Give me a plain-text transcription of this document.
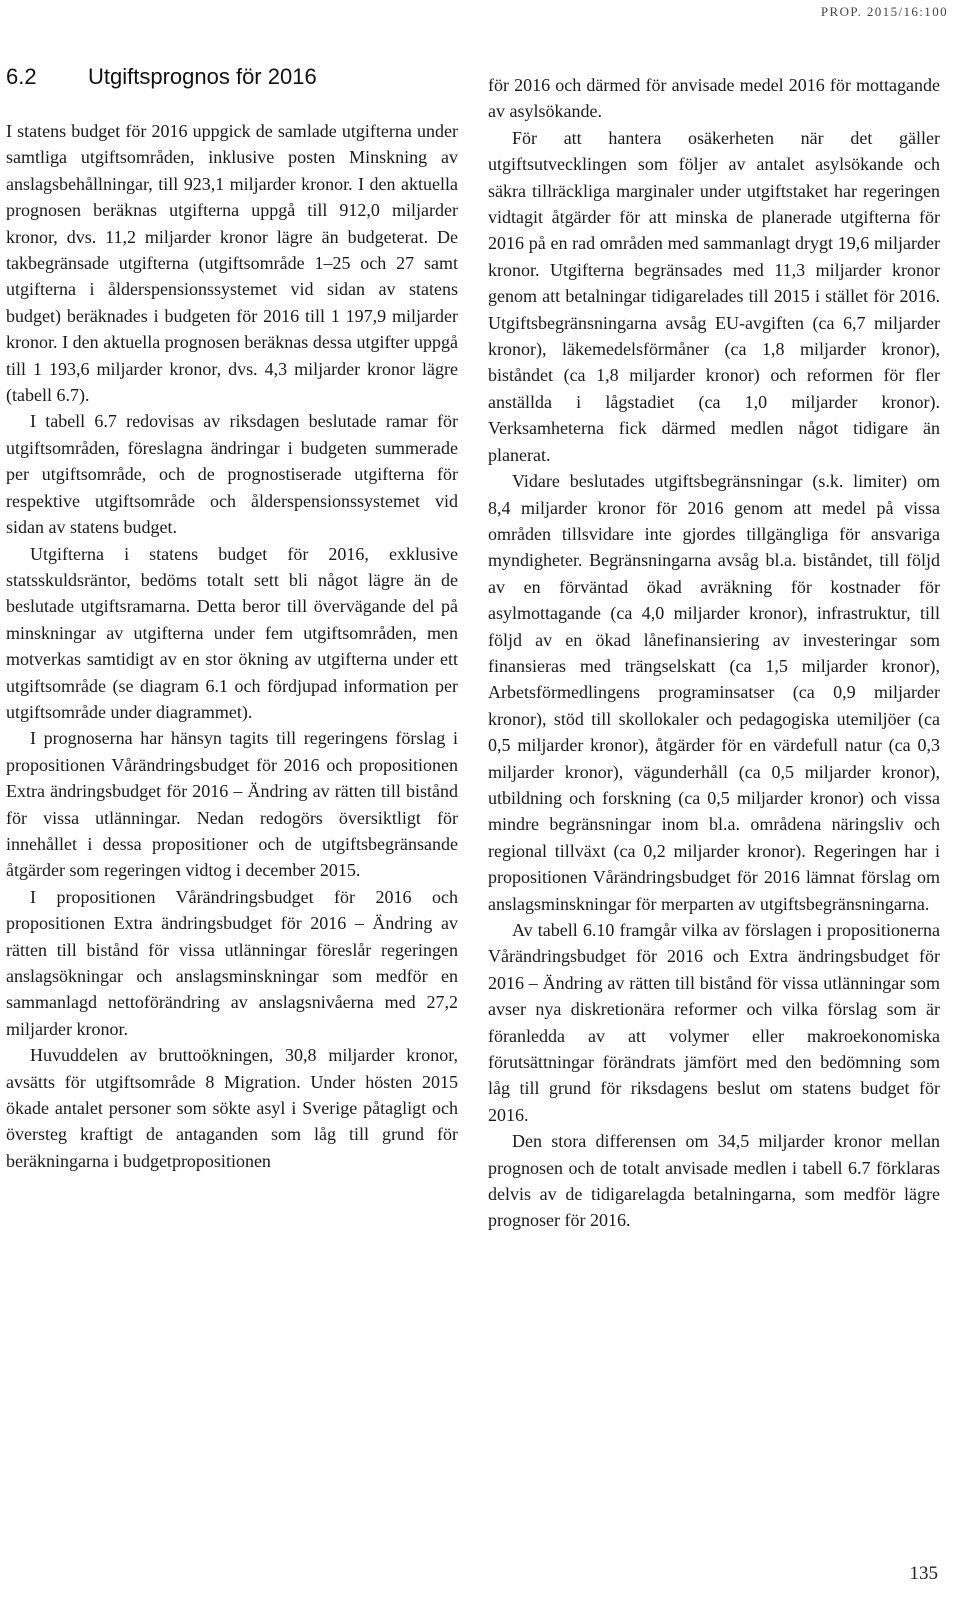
PROP. 2015/16:100
6.2	Utgiftsprognos för 2016

I statens budget för 2016 uppgick de samlade utgifterna under samtliga utgiftsområden, inklusive posten Minskning av anslagsbehållningar, till 923,1 miljarder kronor. I den aktuella prognosen beräknas utgifterna uppgå till 912,0 miljarder kronor, dvs. 11,2 miljarder kronor lägre än budgeterat. De takbegränsade utgifterna (utgiftsområde 1–25 och 27 samt utgifterna i ålderspensionssystemet vid sidan av statens budget) beräknades i budgeten för 2016 till 1 197,9 miljarder kronor. I den aktuella prognosen beräknas dessa utgifter uppgå till 1 193,6 miljarder kronor, dvs. 4,3 miljarder kronor lägre (tabell 6.7).

I tabell 6.7 redovisas av riksdagen beslutade ramar för utgiftsområden, föreslagna ändringar i budgeten summerade per utgiftsområde, och de prognostiserade utgifterna för respektive utgiftsområde och ålderspensionssystemet vid sidan av statens budget.

Utgifterna i statens budget för 2016, exklusive statsskuldsräntor, bedöms totalt sett bli något lägre än de beslutade utgiftsramarna. Detta beror till övervägande del på minskningar av utgifterna under fem utgiftsområden, men motverkas samtidigt av en stor ökning av utgifterna under ett utgiftsområde (se diagram 6.1 och fördjupad information per utgiftsområde under diagrammet).

I prognoserna har hänsyn tagits till regeringens förslag i propositionen Vårändringsbudget för 2016 och propositionen Extra ändringsbudget för 2016 – Ändring av rätten till bistånd för vissa utlänningar. Nedan redogörs översiktligt för innehållet i dessa propositioner och de utgiftsbegränsande åtgärder som regeringen vidtog i december 2015.

I propositionen Vårändringsbudget för 2016 och propositionen Extra ändringsbudget för 2016 – Ändring av rätten till bistånd för vissa utlänningar föreslår regeringen anslagsökningar och anslagsminskningar som medför en sammanlagd nettoförändring av anslagsnivåerna med 27,2 miljarder kronor.

Huvuddelen av bruttoökningen, 30,8 miljarder kronor, avsätts för utgiftsområde 8 Migration. Under hösten 2015 ökade antalet personer som sökte asyl i Sverige påtagligt och översteg kraftigt de antaganden som låg till grund för beräkningarna i budgetpropositionen

för 2016 och därmed för anvisade medel 2016 för mottagande av asylsökande.

För att hantera osäkerheten när det gäller utgiftsutvecklingen som följer av antalet asylsökande och säkra tillräckliga marginaler under utgiftstaket har regeringen vidtagit åtgärder för att minska de planerade utgifterna för 2016 på en rad områden med sammanlagt drygt 19,6 miljarder kronor. Utgifterna begränsades med 11,3 miljarder kronor genom att betalningar tidigarelades till 2015 i stället för 2016. Utgiftsbegränsningarna avsåg EU-avgiften (ca 6,7 miljarder kronor), läkemedelsförmåner (ca 1,8 miljarder kronor), biståndet (ca 1,8 miljarder kronor) och reformen för fler anställda i lågstadiet (ca 1,0 miljarder kronor). Verksamheterna fick därmed medlen något tidigare än planerat.

Vidare beslutades utgiftsbegränsningar (s.k. limiter) om 8,4 miljarder kronor för 2016 genom att medel på vissa områden tillsvidare inte gjordes tillgängliga för ansvariga myndigheter. Begränsningarna avsåg bl.a. biståndet, till följd av en förväntad ökad avräkning för kostnader för asylmottagande (ca 4,0 miljarder kronor), infrastruktur, till följd av en ökad lånefinansiering av investeringar som finansieras med trängselskatt (ca 1,5 miljarder kronor), Arbetsförmedlingens programinsatser (ca 0,9 miljarder kronor), stöd till skollokaler och pedagogiska utemiljöer (ca 0,5 miljarder kronor), åtgärder för en värdefull natur (ca 0,3 miljarder kronor), vägunderhåll (ca 0,5 miljarder kronor), utbildning och forskning (ca 0,5 miljarder kronor) och vissa mindre begränsningar inom bl.a. områdena näringsliv och regional tillväxt (ca 0,2 miljarder kronor). Regeringen har i propositionen Vårändringsbudget för 2016 lämnat förslag om anslagsminskningar för merparten av utgiftsbegränsningarna.

Av tabell 6.10 framgår vilka av förslagen i propositionerna Vårändringsbudget för 2016 och Extra ändringsbudget för 2016 – Ändring av rätten till bistånd för vissa utlänningar som avser nya diskretionära reformer och vilka förslag som är föranledda av att volymer eller makroekonomiska förutsättningar förändrats jämfört med den bedömning som låg till grund för riksdagens beslut om statens budget för 2016.

Den stora differensen om 34,5 miljarder kronor mellan prognosen och de totalt anvisade medlen i tabell 6.7 förklaras delvis av de tidigarelagda betalningarna, som medför lägre prognoser för 2016.

135
